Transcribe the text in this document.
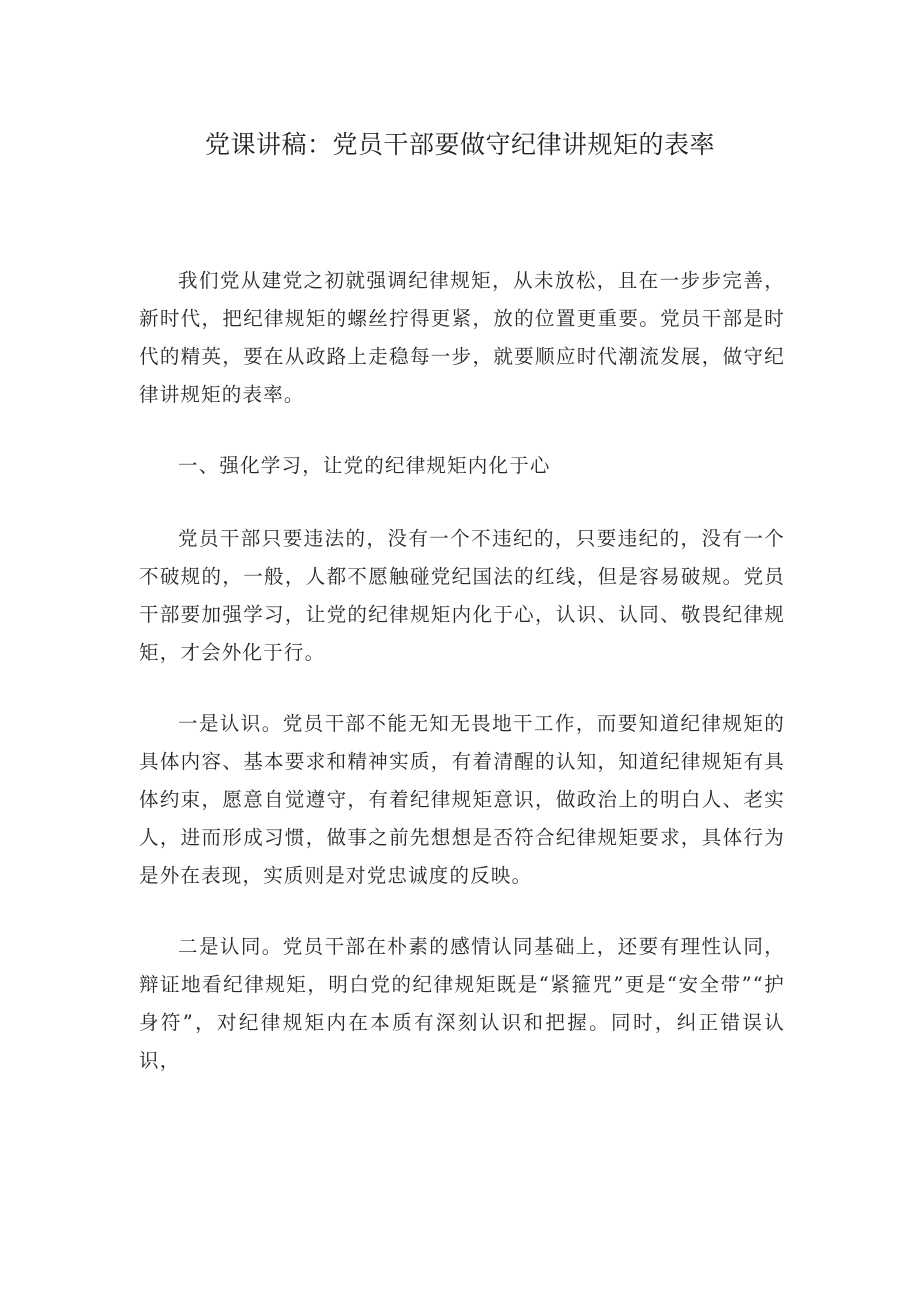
党课讲稿：党员干部要做守纪律讲规矩的表率

我们党从建党之初就强调纪律规矩，从未放松，且在一步步完善，新时代，把纪律规矩的螺丝拧得更紧，放的位置更重要。党员干部是时代的精英，要在从政路上走稳每一步，就要顺应时代潮流发展，做守纪律讲规矩的表率。

一、强化学习，让党的纪律规矩内化于心

党员干部只要违法的，没有一个不违纪的，只要违纪的，没有一个不破规的，一般，人都不愿触碰党纪国法的红线，但是容易破规。党员干部要加强学习，让党的纪律规矩内化于心，认识、认同、敬畏纪律规矩，才会外化于行。

一是认识。党员干部不能无知无畏地干工作，而要知道纪律规矩的具体内容、基本要求和精神实质，有着清醒的认知，知道纪律规矩有具体约束，愿意自觉遵守，有着纪律规矩意识，做政治上的明白人、老实人，进而形成习惯，做事之前先想想是否符合纪律规矩要求，具体行为是外在表现，实质则是对党忠诚度的反映。

二是认同。党员干部在朴素的感情认同基础上，还要有理性认同，辩证地看纪律规矩，明白党的纪律规矩既是“紧箍咒”更是“安全带”“护身符”，对纪律规矩内在本质有深刻认识和把握。同时，纠正错误认识，
